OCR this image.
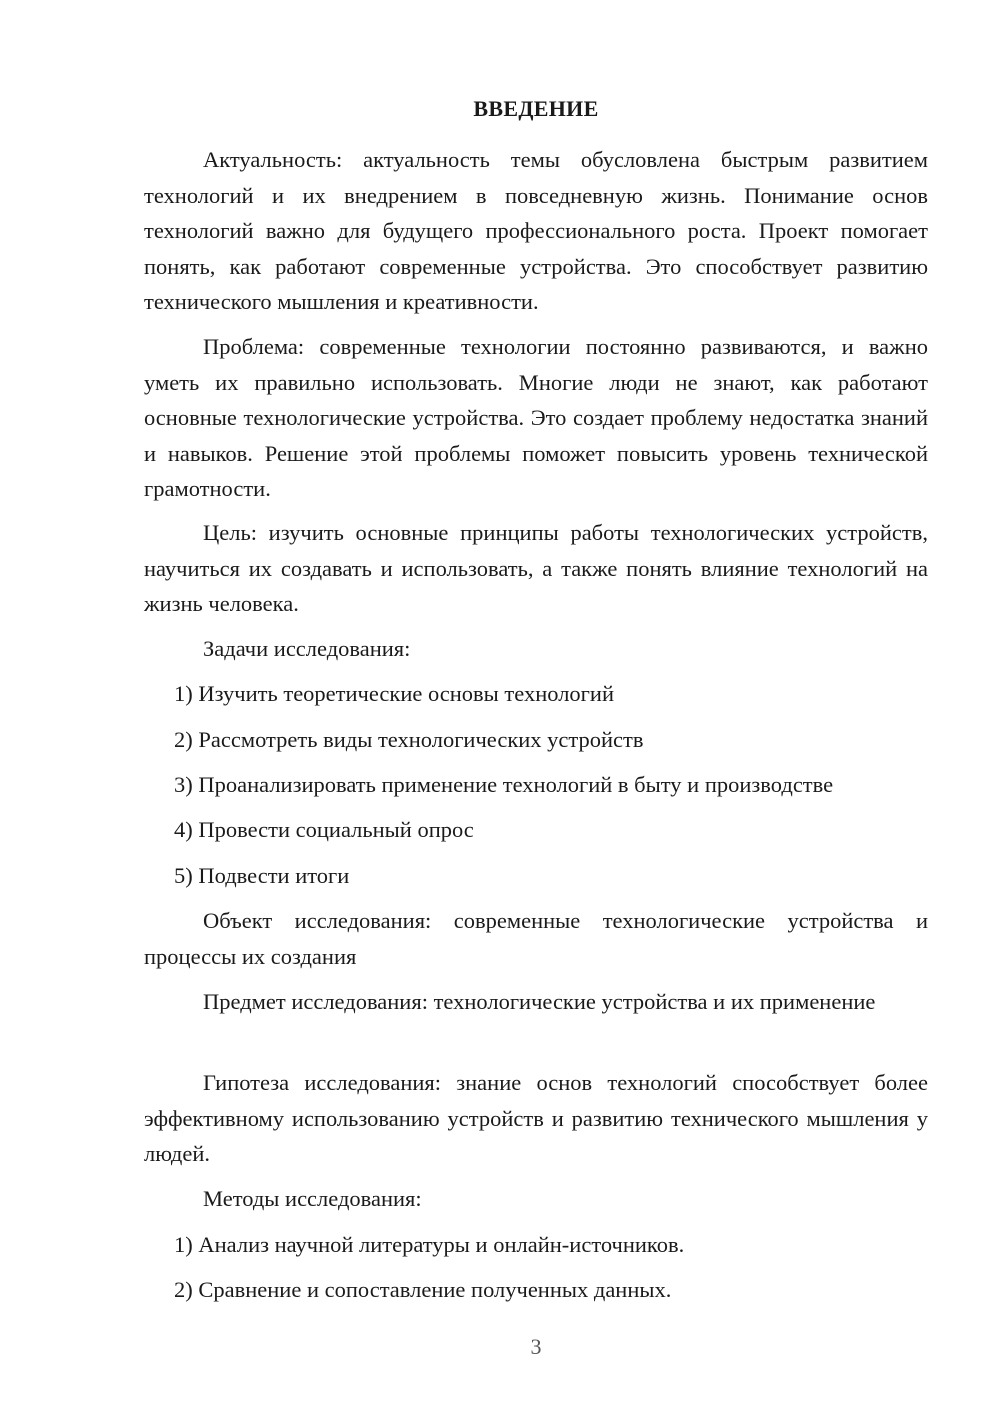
ВВЕДЕНИЕ

Актуальность: актуальность темы обусловлена быстрым развитием технологий и их внедрением в повседневную жизнь. Понимание основ технологий важно для будущего профессионального роста. Проект помогает понять, как работают современные устройства. Это способствует развитию технического мышления и креативности.

Проблема: современные технологии постоянно развиваются, и важно уметь их правильно использовать. Многие люди не знают, как работают основные технологические устройства. Это создает проблему недостатка знаний и навыков. Решение этой проблемы поможет повысить уровень технической грамотности.

Цель: изучить основные принципы работы технологических устройств, научиться их создавать и использовать, а также понять влияние технологий на жизнь человека.

Задачи исследования:

1) Изучить теоретические основы технологий
2) Рассмотреть виды технологических устройств
3) Проанализировать применение технологий в быту и производстве
4) Провести социальный опрос
5) Подвести итоги

Объект исследования: современные технологические устройства и процессы их создания

Предмет исследования: технологические устройства и их применение

Гипотеза исследования: знание основ технологий способствует более эффективному использованию устройств и развитию технического мышления у людей.

Методы исследования:

1) Анализ научной литературы и онлайн-источников.
2) Сравнение и сопоставление полученных данных.
3
